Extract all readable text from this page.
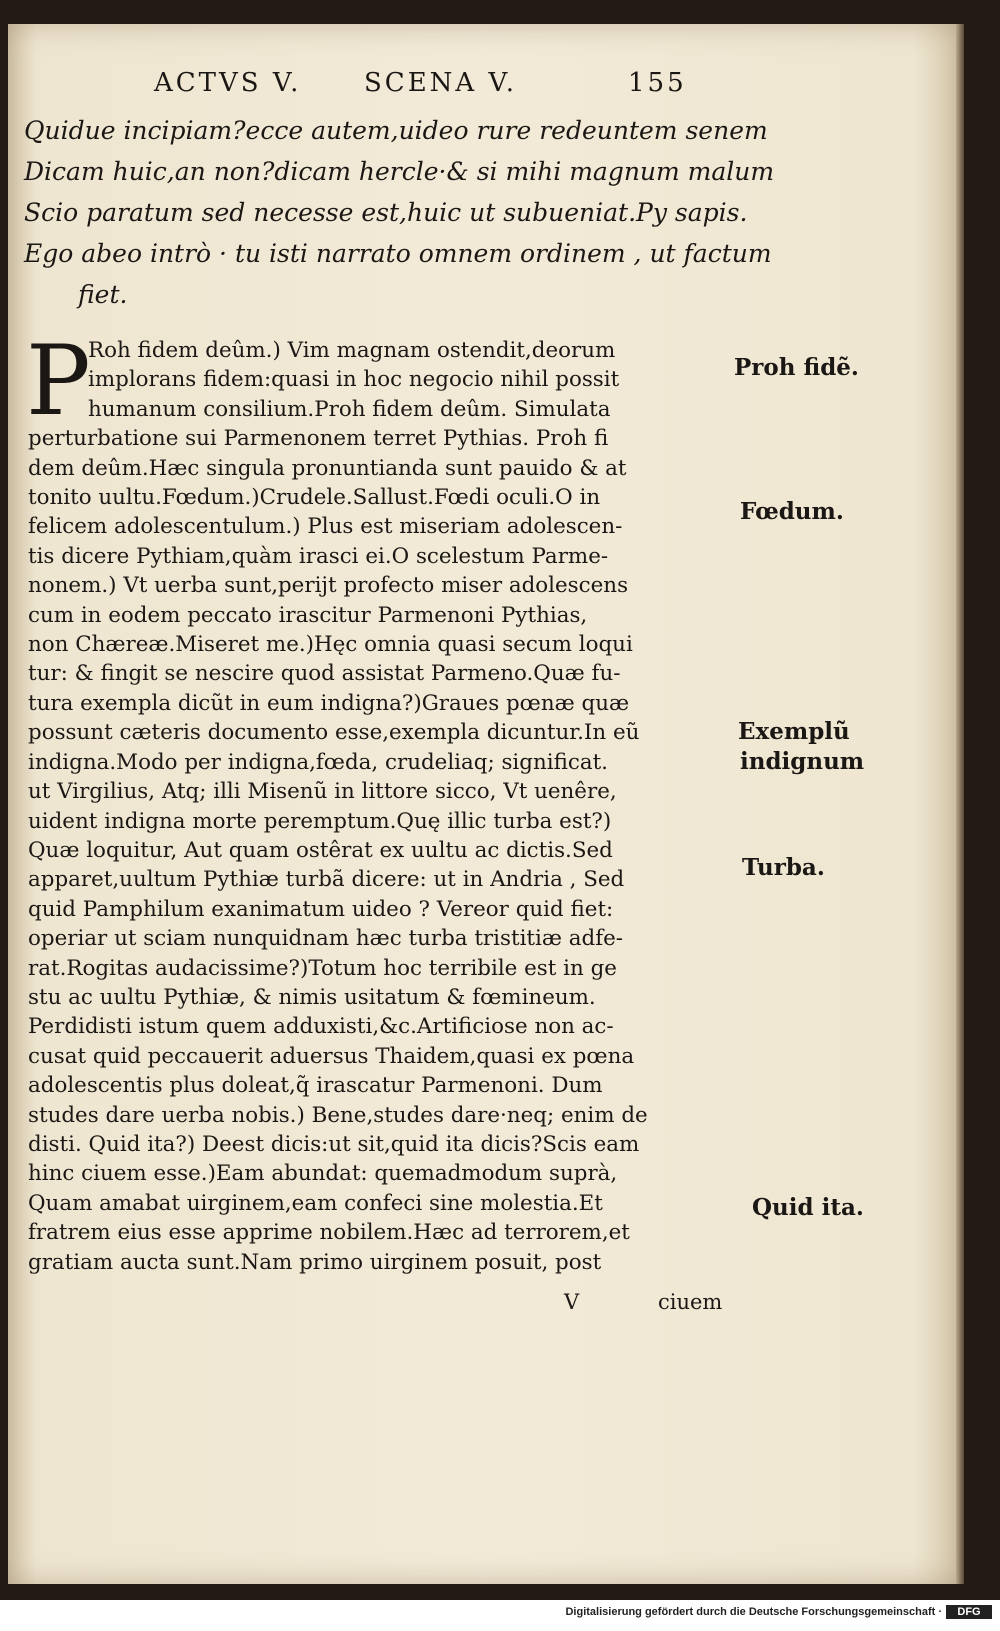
ACTVS V. SCENA V.	155
Quidue incipiam?ecce autem,uideo rure redeuntem senem
Dicam huic,an non?dicam hercle·& si mihi magnum malum
Scio paratum sed necesse est,huic ut subueniat.Py sapis.
Ego abeo intrò · tu isti narrato omnem ordinem , ut factum
fiet.
P
Roh fidem deûm.) Vim magnam ostendit,deorum
implorans fidem:quasi in hoc negocio nihil possit
humanum consilium.Proh fidem deûm. Simulata
perturbatione sui Parmenonem terret Pythias. Proh fi
dem deûm.Hæc singula pronuntianda sunt pauido & at
tonito uultu.Fœdum.)Crudele.Sallust.Fœdi oculi.O in
felicem adolescentulum.) Plus est miseriam adolescen-
tis dicere Pythiam,quàm irasci ei.O scelestum Parme-
nonem.) Vt uerba sunt,perijt profecto miser adolescens
cum in eodem peccato irascitur Parmenoni Pythias,
non Chæreæ.Miseret me.)Hęc omnia quasi secum loqui
tur: & fingit se nescire quod assistat Parmeno.Quæ fu-
tura exempla dicũt in eum indigna?)Graues pœnæ quæ
possunt cæteris documento esse,exempla dicuntur.In eũ
indigna.Modo per indigna,fœda, crudeliaq; significat.
ut Virgilius, Atq; illi Misenũ in littore sicco, Vt uenêre,
uident indigna morte peremptum.Quę illic turba est?)
Quæ loquitur, Aut quam ostêrat ex uultu ac dictis.Sed
apparet,uultum Pythiæ turbã dicere: ut in Andria , Sed
quid Pamphilum exanimatum uideo ? Vereor quid fiet:
operiar ut sciam nunquidnam hæc turba tristitiæ adfe-
rat.Rogitas audacissime?)Totum hoc terribile est in ge
stu ac uultu Pythiæ, & nimis usitatum & fœmineum.
Perdidisti istum quem adduxisti,&c.Artificiose non ac-
cusat quid peccauerit aduersus Thaidem,quasi ex pœna
adolescentis plus doleat,q̃ irascatur Parmenoni. Dum
studes dare uerba nobis.) Bene,studes dare·neq; enim de
disti. Quid ita?) Deest dicis:ut sit,quid ita dicis?Scis eam
hinc ciuem esse.)Eam abundat: quemadmodum suprà,
Quam amabat uirginem,eam confeci sine molestia.Et
fratrem eius esse apprime nobilem.Hæc ad terrorem,et
gratiam aucta sunt.Nam primo uirginem posuit, post
Proh fidẽ.
Fœdum.
Exemplũ
indignum
Turba.
Quid ita.
V	ciuem
Digitalisierung gefördert durch die Deutsche Forschungsgemeinschaft ·	DFG
